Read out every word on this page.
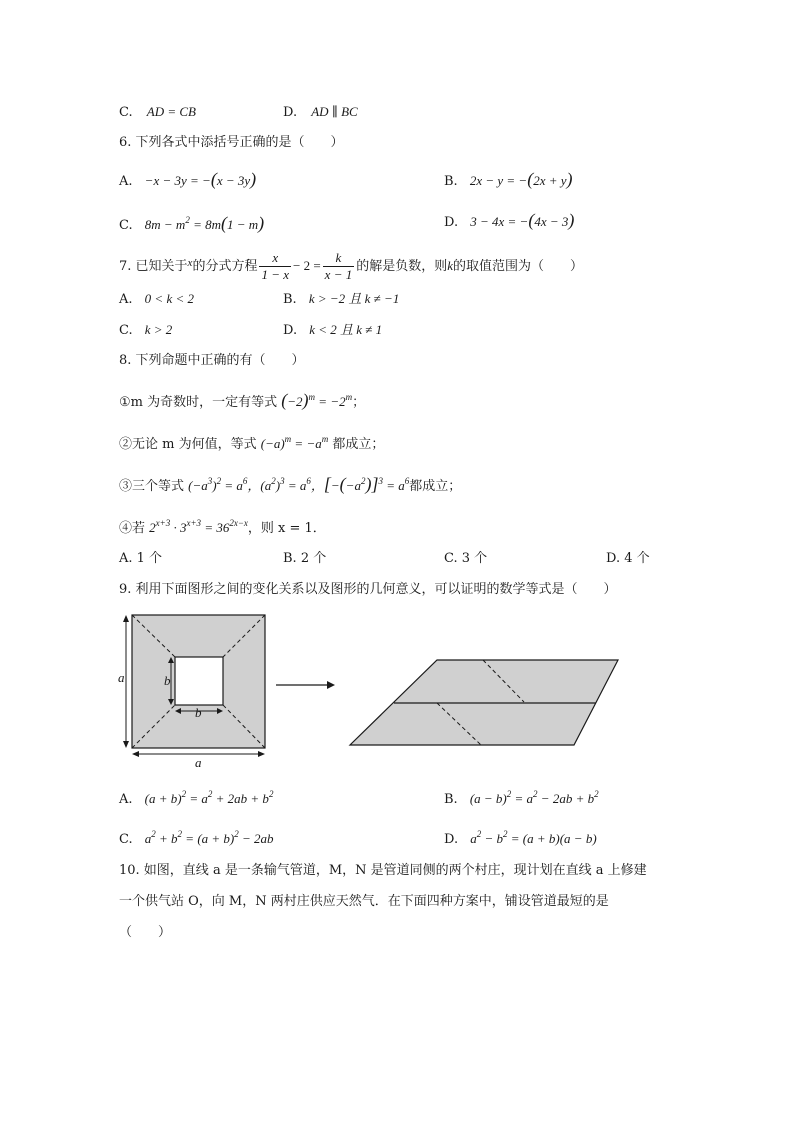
C. AD = CB	D. AD ∥ BC
6. 下列各式中添括号正确的是（　　）
A. −x − 3y = −(x − 3y)	B. 2x − y = −(2x + y)
C. $8m - m^2 = 8m(1 - m)$	D. 3 − 4x = −(4x − 3)
7. 已知关于$^x$的分式方程 $\frac{x}{1 - x} - 2 = \frac{k}{x - 1}$ 的解是负数，则k的取值范围为（　　）
A. 0 < k < 2	B. k > −2 且 k ≠ −1
C. k > 2	D. k < 2 且 k ≠ 1
8. 下列命题中正确的有（　　）
①m 为奇数时，一定有等式 $(-2)^m = -2^m$；
②无论 m 为何值，等式 $(-a)^m = -a^m$ 都成立；
③三个等式 $(-a^3)^2 = a^6$，$(a^2)^3 = a^6$，$[-(-a^2)]^3 = a^6$都成立；
④若 $2^{x+3} \cdot 3^{x+3} = 36^{2x-x}$，则 x = 1．
A. 1 个	B. 2 个	C. 3 个	D. 4 个
9. 利用下面图形之间的变化关系以及图形的几何意义，可以证明的数学等式是（　　）
a
a
b
b
A. $(a + b)^2 = a^2 + 2ab + b^2$	B. $(a - b)^2 = a^2 - 2ab + b^2$
C. $a^2 + b^2 = (a + b)^2 - 2ab$	D. $a^2 - b^2 = (a + b)(a - b)$
10. 如图，直线 a 是一条输气管道，M，N 是管道同侧的两个村庄，现计划在直线 a 上修建
一个供气站 O，向 M，N 两村庄供应天然气．在下面四种方案中，铺设管道最短的是
（　　）
